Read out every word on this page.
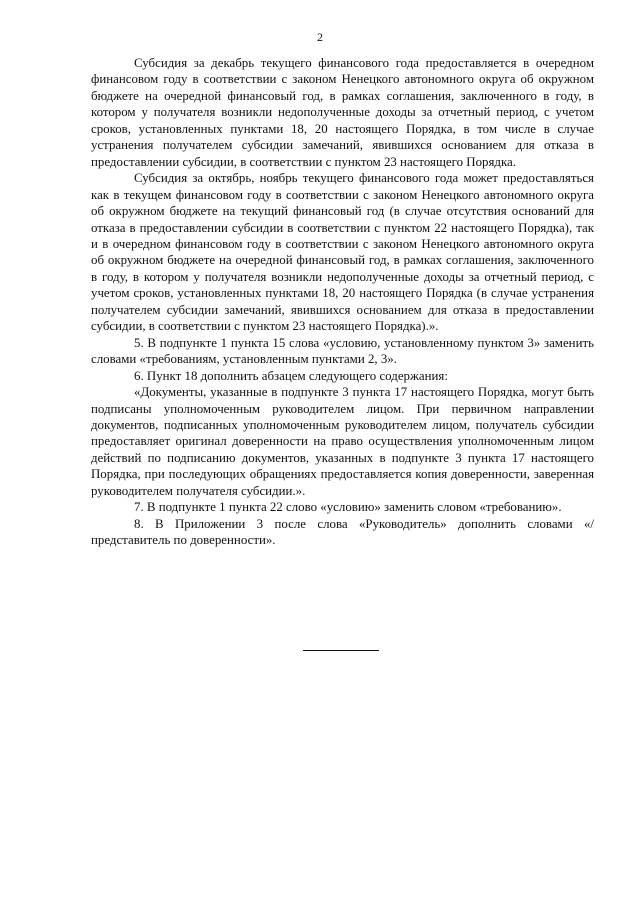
2

Субсидия за декабрь текущего финансового года предоставляется в очередном финансовом году в соответствии с законом Ненецкого автономного округа об окружном бюджете на очередной финансовый год, в рамках соглашения, заключенного в году, в котором у получателя возникли недополученные доходы за отчетный период, с учетом сроков, установленных пунктами 18, 20 настоящего Порядка, в том числе в случае устранения получателем субсидии замечаний, явившихся основанием для отказа в предоставлении субсидии, в соответствии с пунктом 23 настоящего Порядка.

Субсидия за октябрь, ноябрь текущего финансового года может предоставляться как в текущем финансовом году в соответствии с законом Ненецкого автономного округа об окружном бюджете на текущий финансовый год (в случае отсутствия оснований для отказа в предоставлении субсидии в соответствии с пунктом 22 настоящего Порядка), так и в очередном финансовом году в соответствии с законом Ненецкого автономного округа об окружном бюджете на очередной финансовый год, в рамках соглашения, заключенного в году, в котором у получателя возникли недополученные доходы за отчетный период, с учетом сроков, установленных пунктами 18, 20 настоящего Порядка (в случае устранения получателем субсидии замечаний, явившихся основанием для отказа в предоставлении субсидии, в соответствии с пунктом 23 настоящего Порядка).».

5. В подпункте 1 пункта 15 слова «условию, установленному пунктом 3» заменить словами «требованиям, установленным пунктами 2, 3».

6. Пункт 18 дополнить абзацем следующего содержания:

«Документы, указанные в подпункте 3 пункта 17 настоящего Порядка, могут быть подписаны уполномоченным руководителем лицом. При первичном направлении документов, подписанных уполномоченным руководителем лицом, получатель субсидии предоставляет оригинал доверенности на право осуществления уполномоченным лицом действий по подписанию документов, указанных в подпункте 3 пункта 17 настоящего Порядка, при последующих обращениях предоставляется копия доверенности, заверенная руководителем получателя субсидии.».

7. В подпункте 1 пункта 22 слово «условию» заменить словом «требованию».

8. В Приложении 3 после слова «Руководитель» дополнить словами «/представитель по доверенности».
